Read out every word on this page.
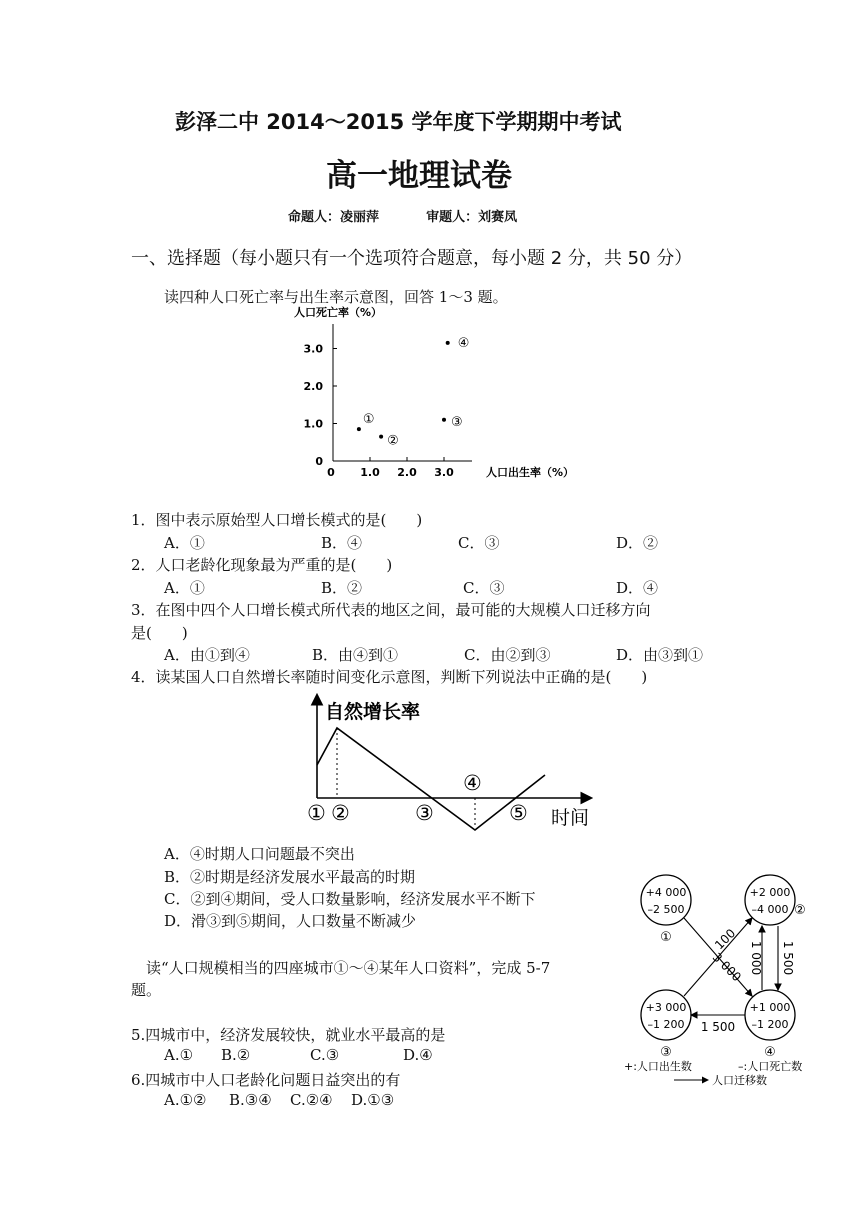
彭泽二中 2014～2015 学年度下学期期中考试
高一地理试卷
命题人：凌丽萍	审题人：刘赛凤
一、选择题（每小题只有一个选项符合题意，每小题 2 分，共 50 分）
读四种人口死亡率与出生率示意图，回答 1～3 题。
人口死亡率（%）
0
1.0
2.0
3.0
0 1.0 2.0 3.0
①
②
③
④
人口出生率（%）
1．图中表示原始型人口增长模式的是(　　)
A．①	B．④	C．③	D．②
2．人口老龄化现象最为严重的是(　　)
A．①	B．②	C．③	D．④
3．在图中四个人口增长模式所代表的地区之间，最可能的大规模人口迁移方向
是(　　)
A．由①到④	B．由④到①	C．由②到③	D．由③到①
4．读某国人口自然增长率随时间变化示意图，判断下列说法中正确的是(　　)
自然增长率
① ②	③
④
⑤ 时间
A．④时期人口问题最不突出
B．②时期是经济发展水平最高的时期
C．②到④期间，受人口数量影响，经济发展水平不断下
D．滑③到⑤期间，人口数量不断减少
读“人口规模相当的四座城市①～④某年人口资料”，完成 5-7
题。
5.四城市中，经济发展较快，就业水平最高的是
A.① B.②	C.③	D.④
6.四城市中人口老龄化问题日益突出的有
A.①② B.③④ C.②④ D.①③
+4 000
–2 500
+2 000
–4 000
+3 000
–1 200
+1 000
–1 200
①
③	④
②
100
3 000 1 000 1 500
1 500
+:人口出生数	–:人口死亡数
人口迁移数
